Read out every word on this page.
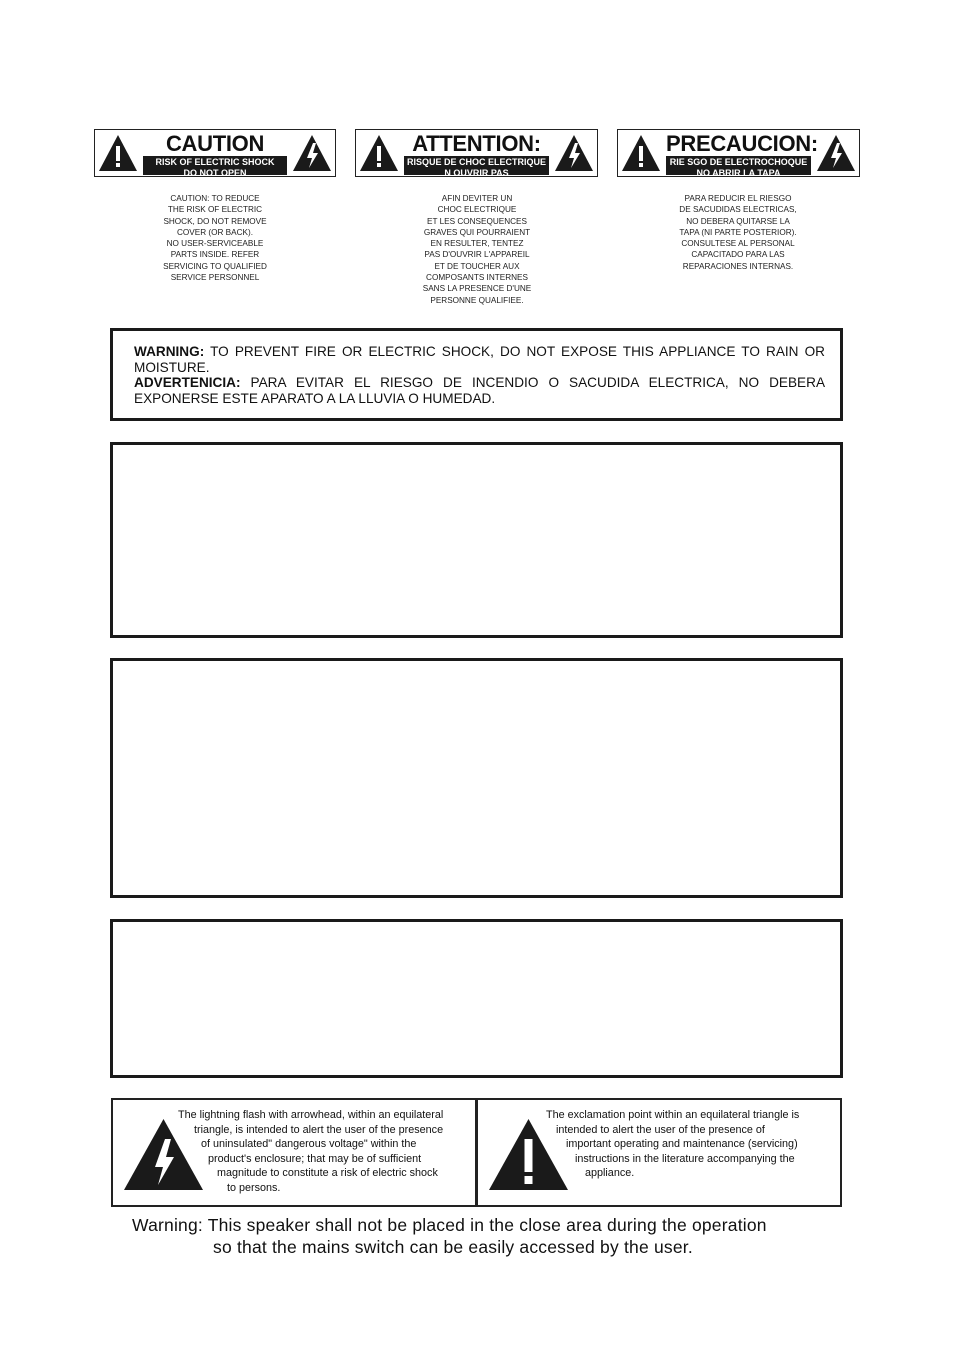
CAUTION
RISK OF ELECTRIC SHOCK
DO NOT OPEN
ATTENTION:
RISQUE DE CHOC ELECTRIQUE
N OUVRIR PAS
PRECAUCION:
RIE SGO DE ELECTROCHOQUE
NO ABRIR LA TAPA
CAUTION: TO REDUCE
THE RISK OF ELECTRIC
SHOCK, DO NOT REMOVE
COVER (OR BACK).
NO USER-SERVICEABLE
PARTS INSIDE. REFER
SERVICING TO QUALIFIED
SERVICE PERSONNEL
AFIN DEVITER UN
CHOC ELECTRIQUE
ET LES CONSEQUENCES
GRAVES QUI POURRAIENT
EN RESULTER, TENTEZ
PAS D'OUVRIR L'APPAREIL
ET DE TOUCHER AUX
COMPOSANTS INTERNES
SANS LA PRESENCE D'UNE
PERSONNE QUALIFIEE.
PARA REDUCIR EL RIESGO
DE SACUDIDAS ELECTRICAS,
NO DEBERA QUITARSE LA
TAPA (NI PARTE POSTERIOR).
CONSULTESE AL PERSONAL
CAPACITADO PARA LAS
REPARACIONES INTERNAS.

WARNING: TO PREVENT FIRE OR ELECTRIC SHOCK, DO NOT EXPOSE THIS APPLIANCE TO RAIN OR MOISTURE.

ADVERTENICIA: PARA EVITAR EL RIESGO DE INCENDIO O SACUDIDA ELECTRICA, NO DEBERA EXPONERSE ESTE APARATO A LA LLUVIA O HUMEDAD.

The lightning flash with arrowhead, within an equilateral
triangle, is intended to alert the user of the presence
of uninsulated" dangerous voltage" within the
product's enclosure; that may be of sufficient
magnitude to constitute a risk of electric shock
to persons.
The exclamation point within an equilateral triangle is
intended to alert the user of the presence of
important operating and maintenance (servicing)
instructions in the literature accompanying the
appliance.
Warning: This speaker shall not be placed in the close area during the operation
so that the mains switch can be easily accessed by the user.
